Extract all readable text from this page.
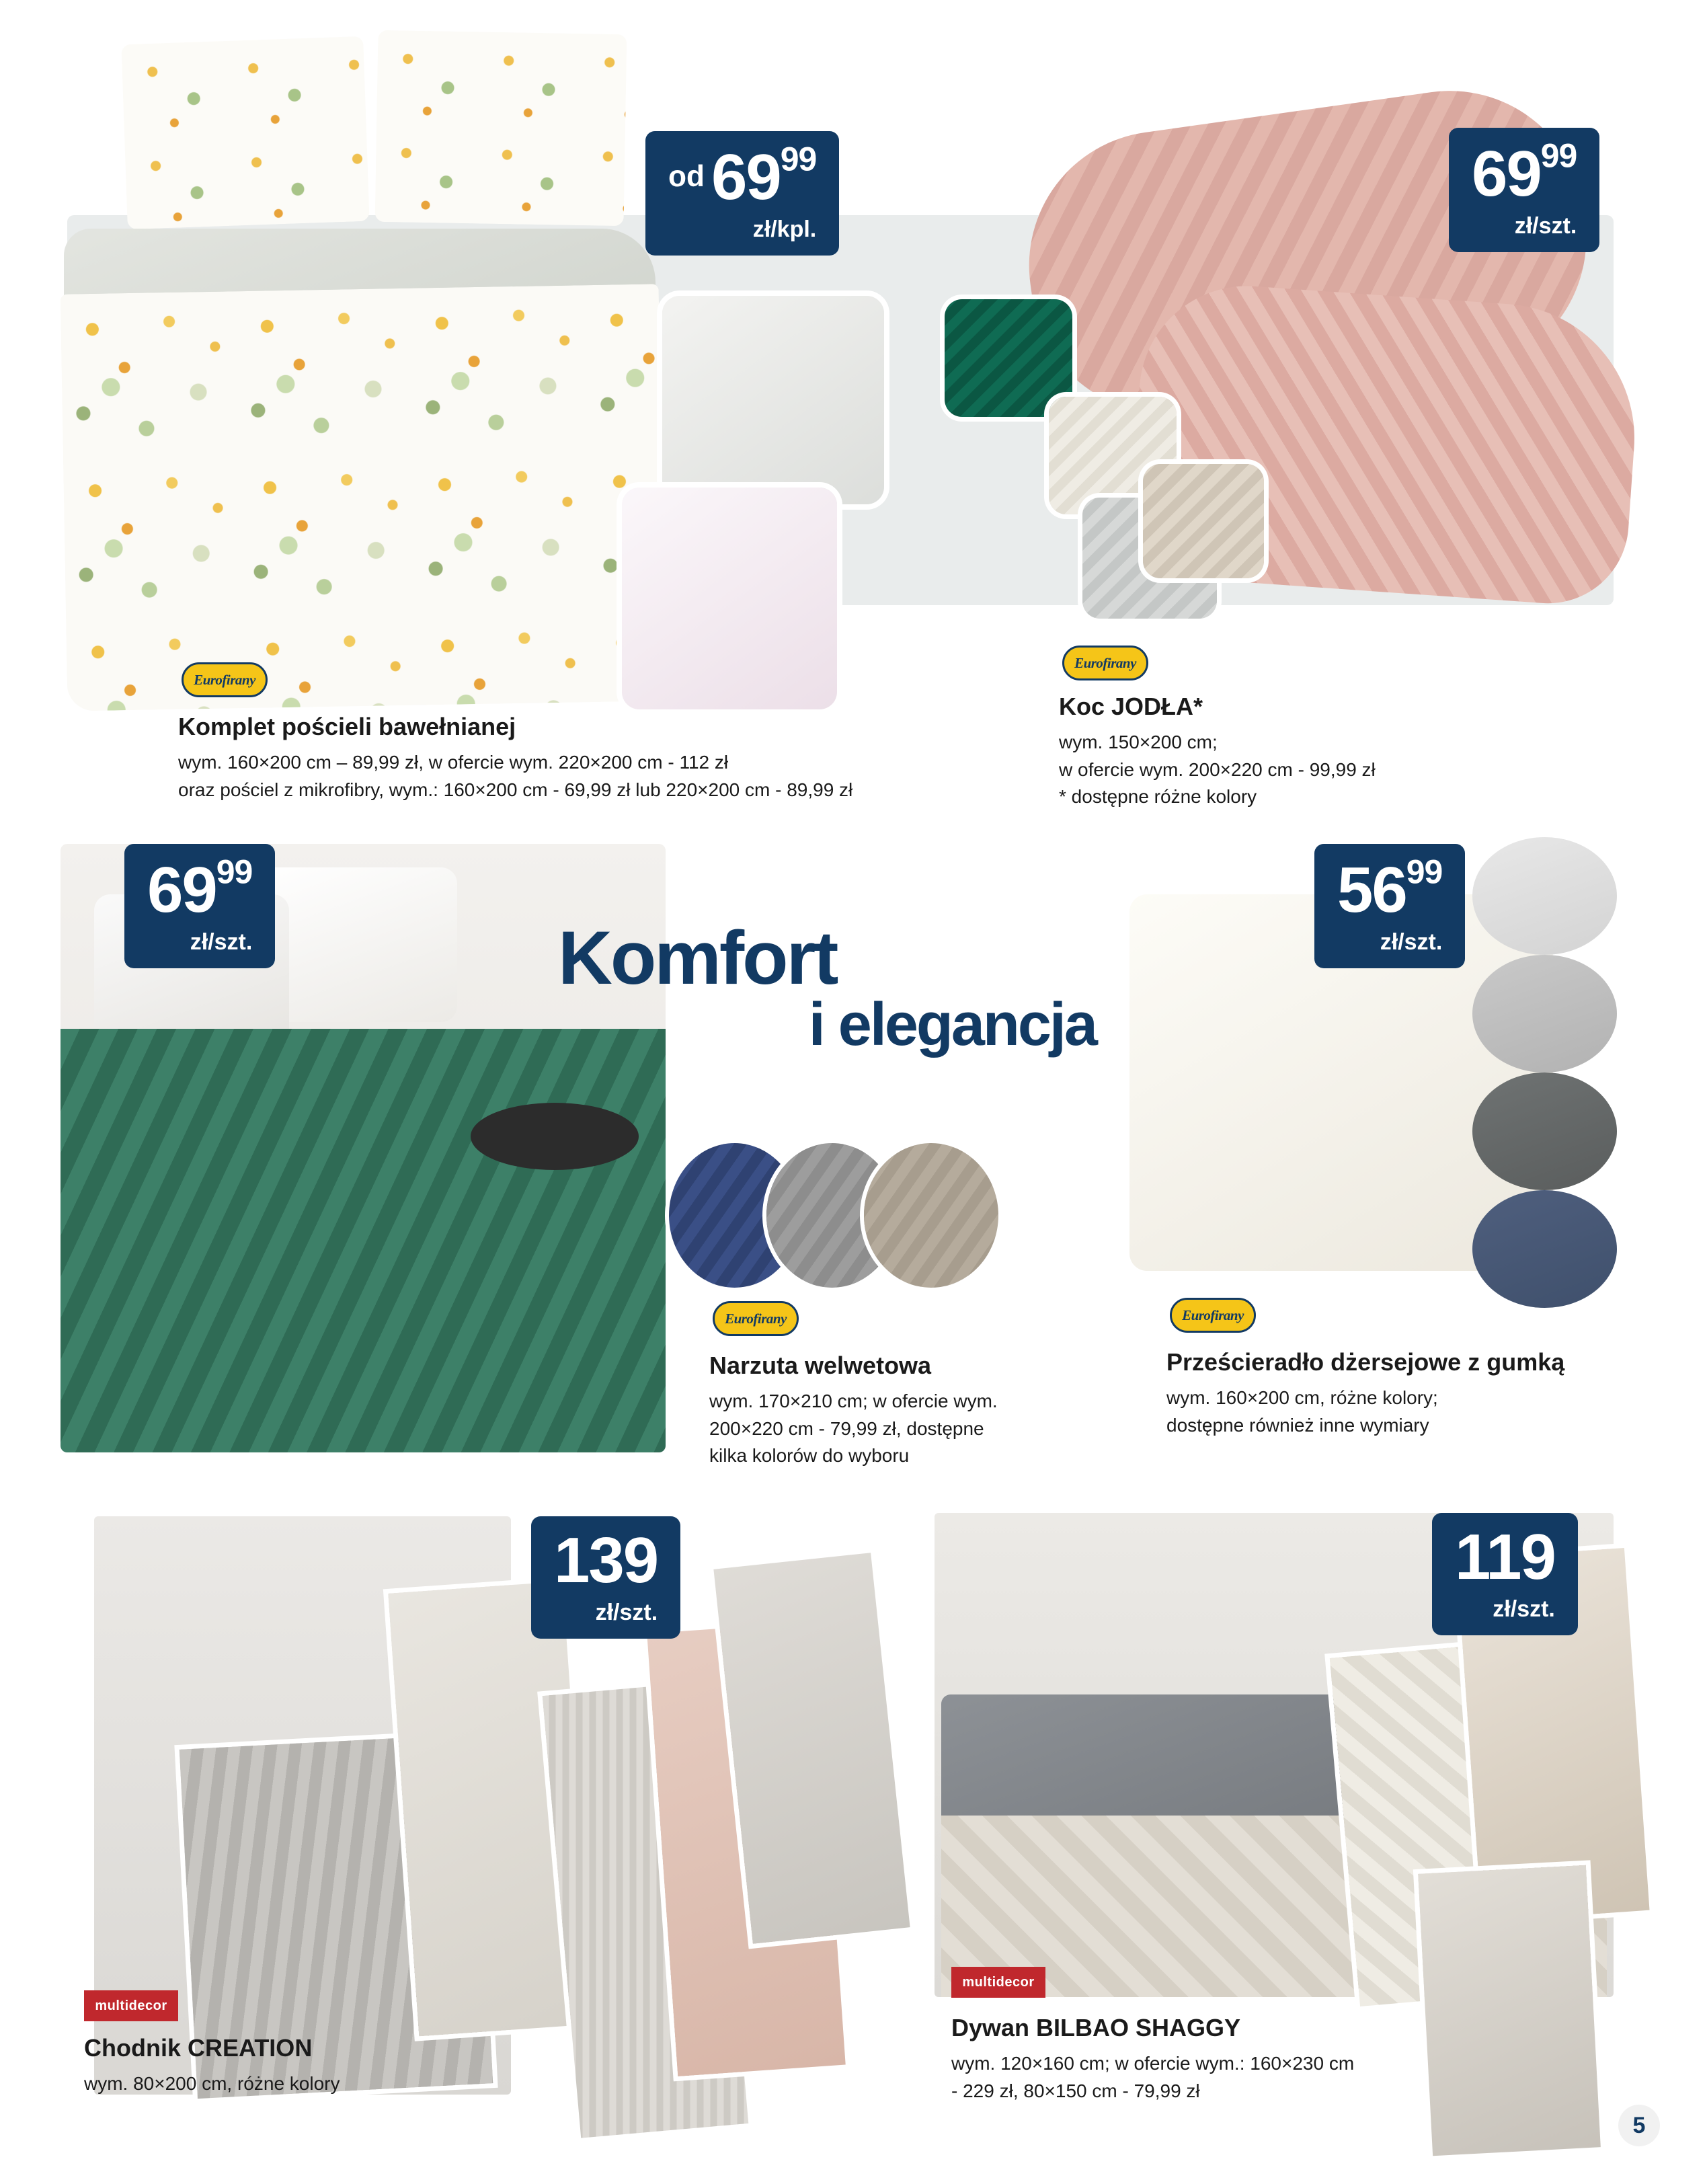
$^{od}$ $69^{99}$
zł/kpl.
Eurofirany
Komplet pościeli bawełnianej
wym. 160×200 cm – 89,99 zł, w ofercie wym. 220×200 cm - 112 zł
oraz pościel z mikrofibry, wym.: 160×200 cm - 69,99 zł lub 220×200 cm - 89,99 zł
$69^{99}$
zł/szt.
Eurofirany
Koc JODŁA*
wym. 150×200 cm;
w ofercie wym. 200×220 cm - 99,99 zł
* dostępne różne kolory
$69^{99}$
zł/szt.	Komfort
i elegancja
Eurofirany
Narzuta welwetowa
wym. 170×210 cm; w ofercie wym.
200×220 cm - 79,99 zł, dostępne
kilka kolorów do wyboru
$56^{99}$
zł/szt.
Eurofirany
Prześcieradło dżersejowe z gumką
wym. 160×200 cm, różne kolory;
dostępne również inne wymiary
139
zł/szt.
multidecor
Chodnik CREATION
wym. 80×200 cm, różne kolory
119
zł/szt.
multidecor
Dywan BILBAO SHAGGY
wym. 120×160 cm; w ofercie wym.: 160×230 cm
- 229 zł, 80×150 cm - 79,99 zł
5
